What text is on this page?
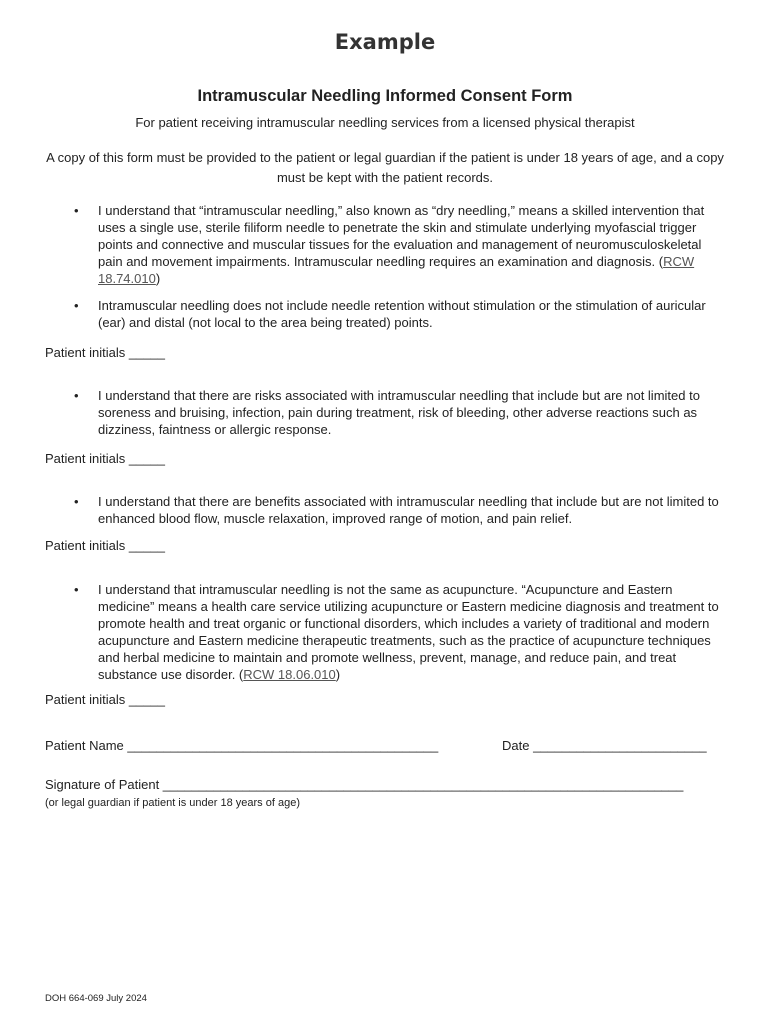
Example
Intramuscular Needling Informed Consent Form
For patient receiving intramuscular needling services from a licensed physical therapist
A copy of this form must be provided to the patient or legal guardian if the patient is under 18 years of age, and a copy must be kept with the patient records.
• I understand that “intramuscular needling,” also known as “dry needling,” means a skilled intervention that uses a single use, sterile filiform needle to penetrate the skin and stimulate underlying myofascial trigger points and connective and muscular tissues for the evaluation and management of neuromusculoskeletal pain and movement impairments. Intramuscular needling requires an examination and diagnosis. (RCW 18.74.010)
• Intramuscular needling does not include needle retention without stimulation or the stimulation of auricular (ear) and distal (not local to the area being treated) points.
Patient initials _____
• I understand that there are risks associated with intramuscular needling that include but are not limited to soreness and bruising, infection, pain during treatment, risk of bleeding, other adverse reactions such as dizziness, faintness or allergic response.
Patient initials _____
• I understand that there are benefits associated with intramuscular needling that include but are not limited to enhanced blood flow, muscle relaxation, improved range of motion, and pain relief.
Patient initials _____
• I understand that intramuscular needling is not the same as acupuncture. “Acupuncture and Eastern medicine” means a health care service utilizing acupuncture or Eastern medicine diagnosis and treatment to promote health and treat organic or functional disorders, which includes a variety of traditional and modern acupuncture and Eastern medicine therapeutic treatments, such as the practice of acupuncture techniques and herbal medicine to maintain and promote wellness, prevent, manage, and reduce pain, and treat substance use disorder. (RCW 18.06.010)
Patient initials _____
Patient Name ___________________________________________	Date ________________________
Signature of Patient ________________________________________________________________________
(or legal guardian if patient is under 18 years of age)
DOH 664-069 July 2024
